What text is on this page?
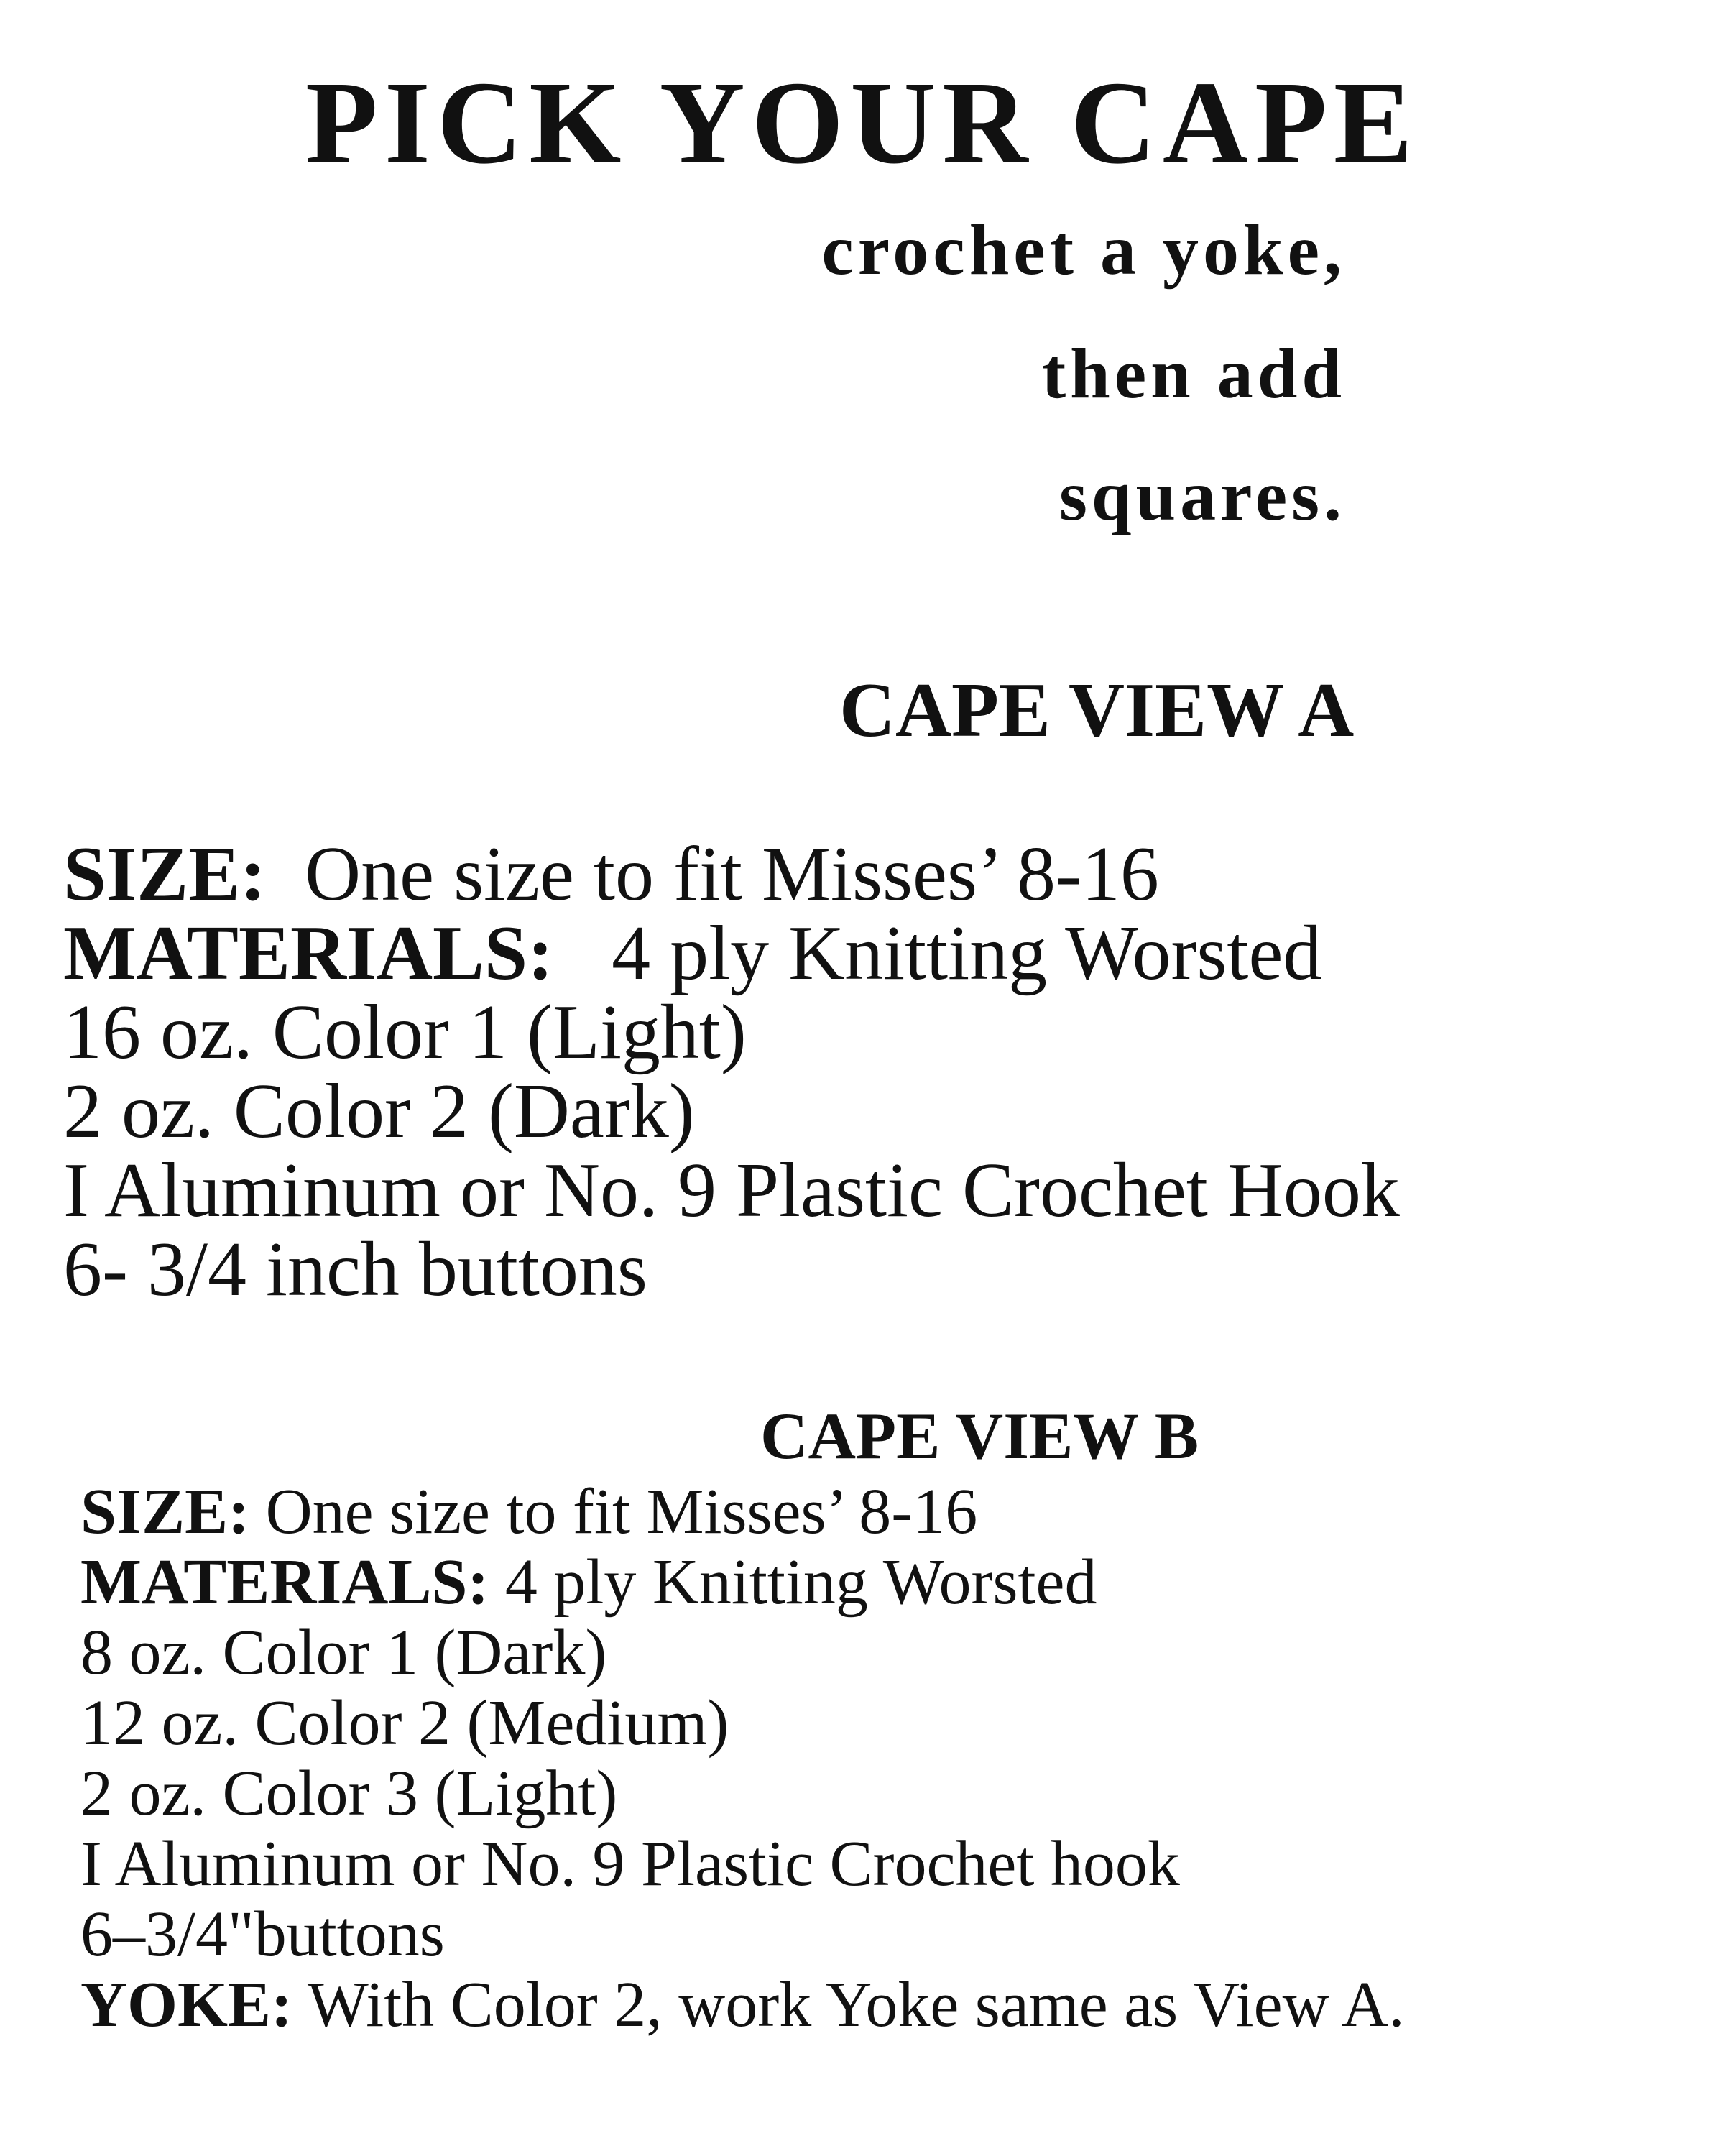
PICK YOUR CAPE
crochet a yoke,
then add
squares.
CAPE VIEW A
SIZE: One size to fit Misses’ 8-16
MATERIALS: 4 ply Knitting Worsted
16 oz. Color 1 (Light)
2 oz. Color 2 (Dark)
I Aluminum or No. 9 Plastic Crochet Hook
6- 3/4 inch buttons
CAPE VIEW B
SIZE: One size to fit Misses’ 8-16
MATERIALS: 4 ply Knitting Worsted
8 oz. Color 1 (Dark)
12 oz. Color 2 (Medium)
2 oz. Color 3 (Light)
I Aluminum or No. 9 Plastic Crochet hook
6–3/4"buttons
YOKE: With Color 2, work Yoke same as View A.
